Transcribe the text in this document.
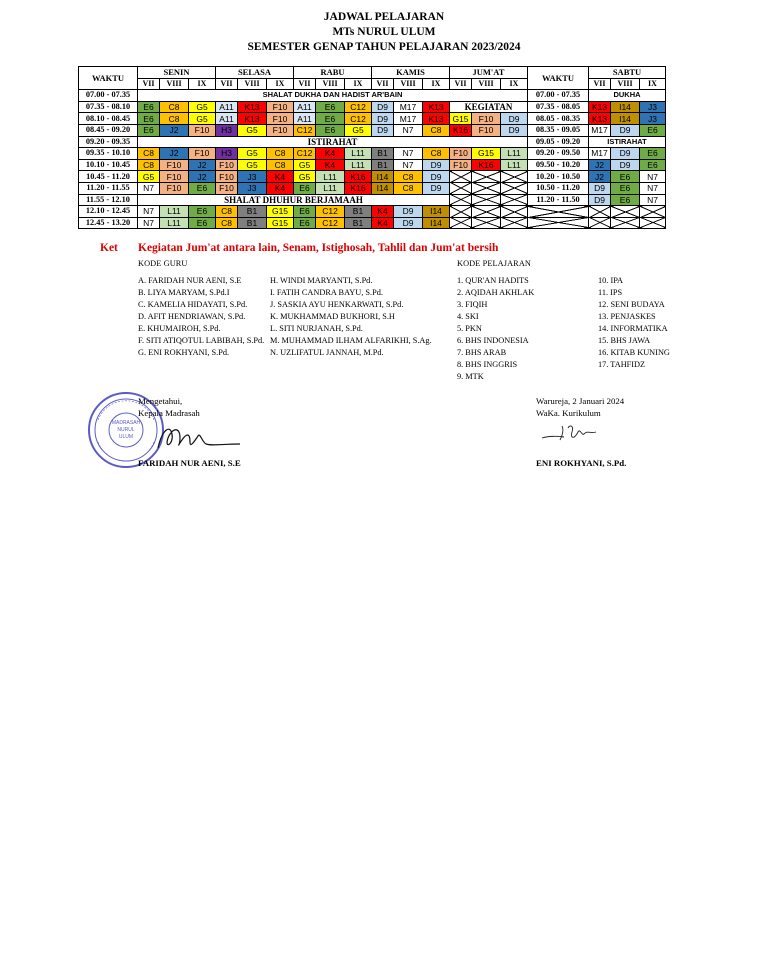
JADWAL PELAJARAN
MTs NURUL ULUM
SEMESTER GENAP TAHUN PELAJARAN 2023/2024
WAKTU	SENIN			SELASA			RABU			KAMIS			JUM'AT			WAKTU	SABTU		
	VII	VIII	IX	VII	VIII	IX	VII	VIII	IX	VII	VIII	IX	VII	VIII	IX		VII	VIII	IX
07.00 - 07.35	SHALAT DUKHA DAN HADIST AR'BAIN															07.00 - 07.35	DUKHA		
07.35 - 08.10	E6	C8	G5	A11	K13	F10	A11	E6	C12	D9	M17	K13	KEGIATAN			07.35 - 08.05	K13	I14	J3
08.10 - 08.45	E6	C8	G5	A11	K13	F10	A11	E6	C12	D9	M17	K13	G15	F10	D9	08.05 - 08.35	K13	I14	J3
08.45 - 09.20	E6	J2	F10	H3	G5	F10	C12	E6	G5	D9	N7	C8	K16	F10	D9	08.35 - 09.05	M17	D9	E6
09.20 - 09.35	ISTIRAHAT															09.05 - 09.20	ISTIRAHAT		
09.35 - 10.10	C8	J2	F10	H3	G5	C8	C12	K4	L11	B1	N7	C8	F10	G15	L11	09.20 - 09.50	M17	D9	E6
10.10 - 10.45	C8	F10	J2	F10	G5	C8	G5	K4	L11	B1	N7	D9	F10	K16	L11	09.50 - 10.20	J2	D9	E6
10.45 - 11.20	G5	F10	J2	F10	J3	K4	G5	L11	K16	I14	C8	D9				10.20 - 10.50	J2	E6	N7
11.20 - 11.55	N7	F10	E6	F10	J3	K4	E6	L11	K16	I14	C8	D9				10.50 - 11.20	D9	E6	N7
11.55 - 12.10	SHALAT DHUHUR BERJAMAAH															11.20 - 11.50	D9	E6	N7
12.10 - 12.45	N7	L11	E6	C8	B1	G15	E6	C12	B1	K4	D9	I14							
12.45 - 13.20	N7	L11	E6	C8	B1	G15	E6	C12	B1	K4	D9	I14							
Ket Kegiatan Jum'at antara lain, Senam, Istighosah, Tahlil dan Jum'at bersih
KODE GURU	KODE PELAJARAN
A. FARIDAH NUR AENI, S.E
B. LIYA MARYAM, S.Pd.I
C. KAMELIA HIDAYATI, S.Pd.
D. AFIT HENDRIAWAN, S.Pd.
E. KHUMAIROH, S.Pd.
F. SITI ATIQOTUL LABIBAH, S.Pd.
G. ENI ROKHYANI, S.Pd.
H. WINDI MARYANTI, S.Pd.
I. FATIH CANDRA BAYU, S.Pd.
J. SASKIA AYU HENKARWATI, S.Pd.
K. MUKHAMMAD BUKHORI, S.H
L. SITI NURJANAH, S.Pd.
M. MUHAMMAD ILHAM ALFARIKHI, S.Ag.
N. UZLIFATUL JANNAH, M.Pd.
1. QUR'AN HADITS
2. AQIDAH AKHLAK
3. FIQIH
4. SKI
5. PKN
6. BHS INDONESIA
7. BHS ARAB
8. BHS INGGRIS
9. MTK
10. IPA
11. IPS
12. SENI BUDAYA
13. PENJASKES
14. INFORMATIKA
15. BHS JAWA
16. KITAB KUNING
17. TAHFIDZ
MADRASAH
NURUL
ULUM
Mengetahui,
Kepala Madrasah
FARIDAH NUR AENI, S.E
Warureja, 2 Januari 2024
WaKa. Kurikulum
ENI ROKHYANI, S.Pd.
